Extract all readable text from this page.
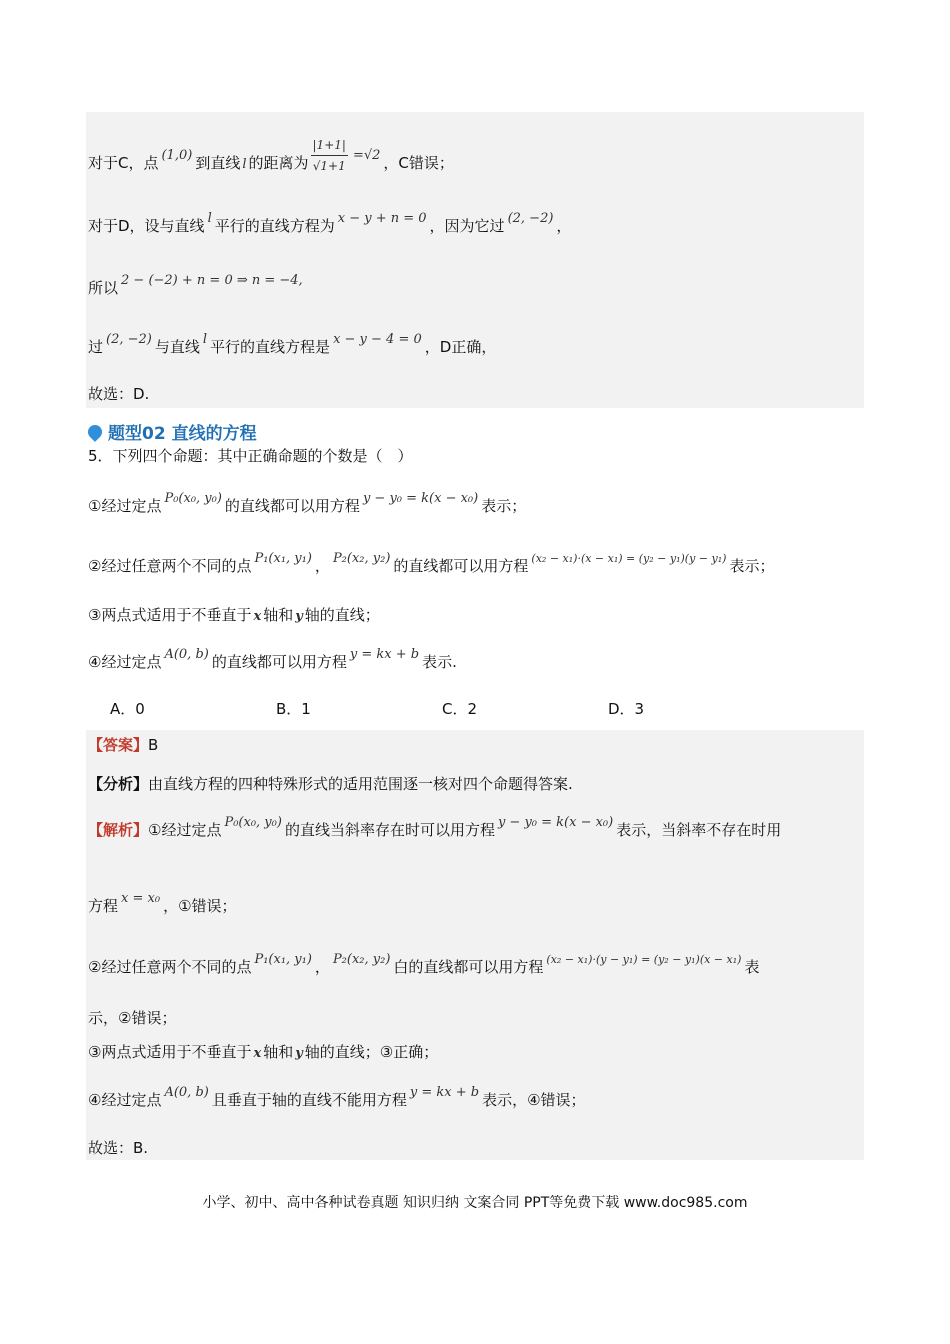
对于C，点 (1,0) 到直线 l 的距离为 $\frac{|1+1|}{√1+1} =√2$ ，C错误；
对于D，设与直线 l 平行的直线方程为 x − y + n = 0 ，因为它过 (2, −2) ，
所以 2 − (−2) + n = 0 ⇒ n = −4,
过 (2, −2) 与直线 l 平行的直线方程是 x − y − 4 = 0 ，D正确，
故选：D.
题型02 直线的方程
5．下列四个命题：其中正确命题的个数是（　）
①经过定点 P₀(x₀, y₀) 的直线都可以用方程 y − y₀ = k(x − x₀) 表示；
②经过任意两个不同的点 P₁(x₁, y₁) ， P₂(x₂, y₂) 的直线都可以用方程 $^{(x_2 - x_1)\cdot(x - x_1) = (y_2 - y_1)(y - y_1)}$ 表示；
③两点式适用于不垂直于 x 轴和 y 轴的直线；
④经过定点 A(0, b) 的直线都可以用方程 y = kx + b 表示.
A．0	B．1	C．2	D．3
【答案】B
【分析】由直线方程的四种特殊形式的适用范围逐一核对四个命题得答案.
【解析】①经过定点 P₀(x₀, y₀) 的直线当斜率存在时可以用方程 y − y₀ = k(x − x₀) 表示，当斜率不存在时用
方程 x = x₀ ，①错误；
②经过任意两个不同的点 P₁(x₁, y₁) ， P₂(x₂, y₂) 白的直线都可以用方程 $^{(x_2 - x_1)\cdot(y - y_1) = (y_2 - y_1)(x - x_1)}$ 表
示，②错误；
③两点式适用于不垂直于 x 轴和 y 轴的直线；③正确；
④经过定点 A(0, b) 且垂直于轴的直线不能用方程 y = kx + b 表示，④错误；
故选：B.
小学、初中、高中各种试卷真题 知识归纳 文案合同 PPT等免费下载 www.doc985.com
